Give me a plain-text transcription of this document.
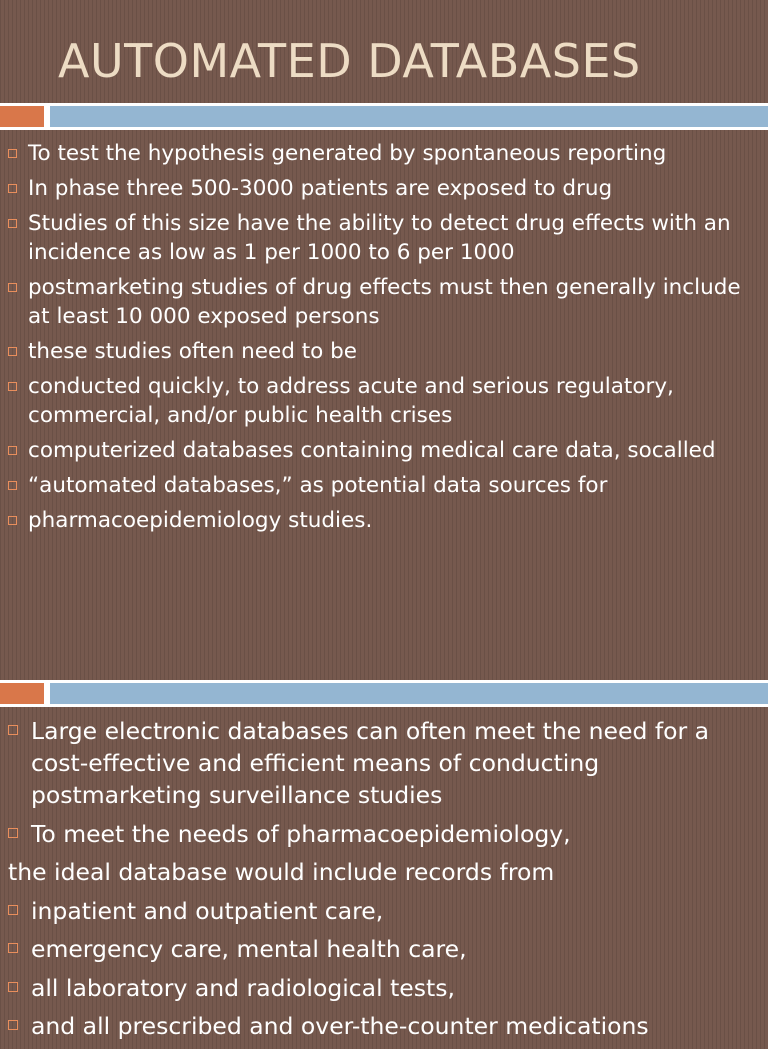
AUTOMATED DATABASES
To test the hypothesis generated by spontaneous reporting
In phase three 500-3000 patients are exposed to drug
Studies of this size have the ability to detect drug effects with an incidence as low as 1 per 1000 to 6 per 1000
postmarketing studies of drug effects must then generally include at least 10 000 exposed persons
these studies often need to be
conducted quickly, to address acute and serious regulatory, commercial, and/or public health crises
computerized databases containing medical care data, socalled
“automated databases,” as potential data sources for
pharmacoepidemiology studies.
Large electronic databases can often meet the need for a cost-effective and efficient means of conducting postmarketing surveillance studies
To meet the needs of pharmacoepidemiology,
the ideal database would include records from
inpatient and outpatient care,
emergency care, mental health care,
all laboratory and radiological tests,
and all prescribed and over-the-counter medications
